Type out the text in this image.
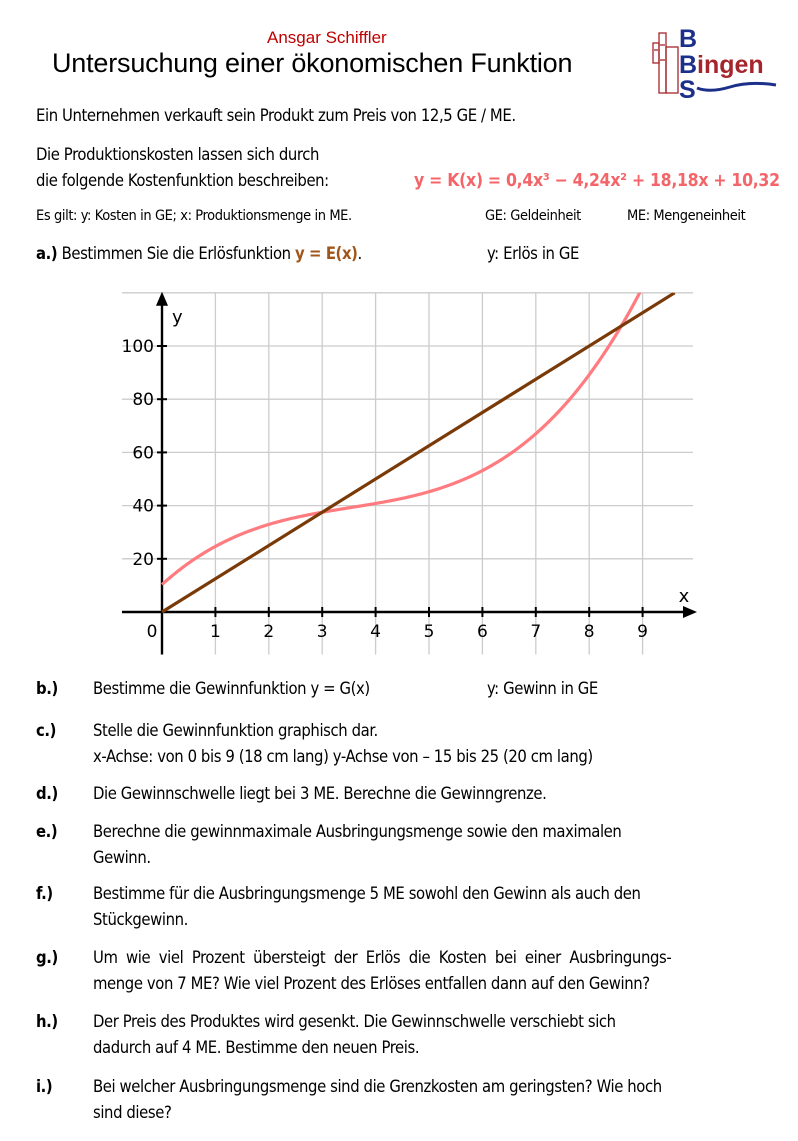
Ansgar Schiffler
Untersuchung einer ökonomischen Funktion
B
B ingen
S
Ein Unternehmen verkauft sein Produkt zum Preis von 12,5 GE / ME.
Die Produktionskosten lassen sich durch
die folgende Kostenfunktion beschreiben:	y = K(x) = 0,4x³ − 4,24x² + 18,18x + 10,32
Es gilt: y: Kosten in GE; x: Produktionsmenge in ME.	GE: Geldeinheit	ME: Mengeneinheit
a.) Bestimmen Sie die Erlösfunktion y = E(x).	y: Erlös in GE
0	1	2	3	4	5	6	7	8	9
20
40
60
80
100
x
y
b.) Bestimme die Gewinnfunktion y = G(x)	y: Gewinn in GE
c.) Stelle die Gewinnfunktion graphisch dar.
x-Achse: von 0 bis 9 (18 cm lang) y-Achse von – 15 bis 25 (20 cm lang)
d.) Die Gewinnschwelle liegt bei 3 ME. Berechne die Gewinngrenze.
e.) Berechne die gewinnmaximale Ausbringungsmenge sowie den maximalen
Gewinn.
f.) Bestimme für die Ausbringungsmenge 5 ME sowohl den Gewinn als auch den
Stückgewinn.
g.) Um wie viel Prozent übersteigt der Erlös die Kosten bei einer Ausbringungs-
menge von 7 ME? Wie viel Prozent des Erlöses entfallen dann auf den Gewinn?
h.) Der Preis des Produktes wird gesenkt. Die Gewinnschwelle verschiebt sich
dadurch auf 4 ME. Bestimme den neuen Preis.
i.) Bei welcher Ausbringungsmenge sind die Grenzkosten am geringsten? Wie hoch
sind diese?
